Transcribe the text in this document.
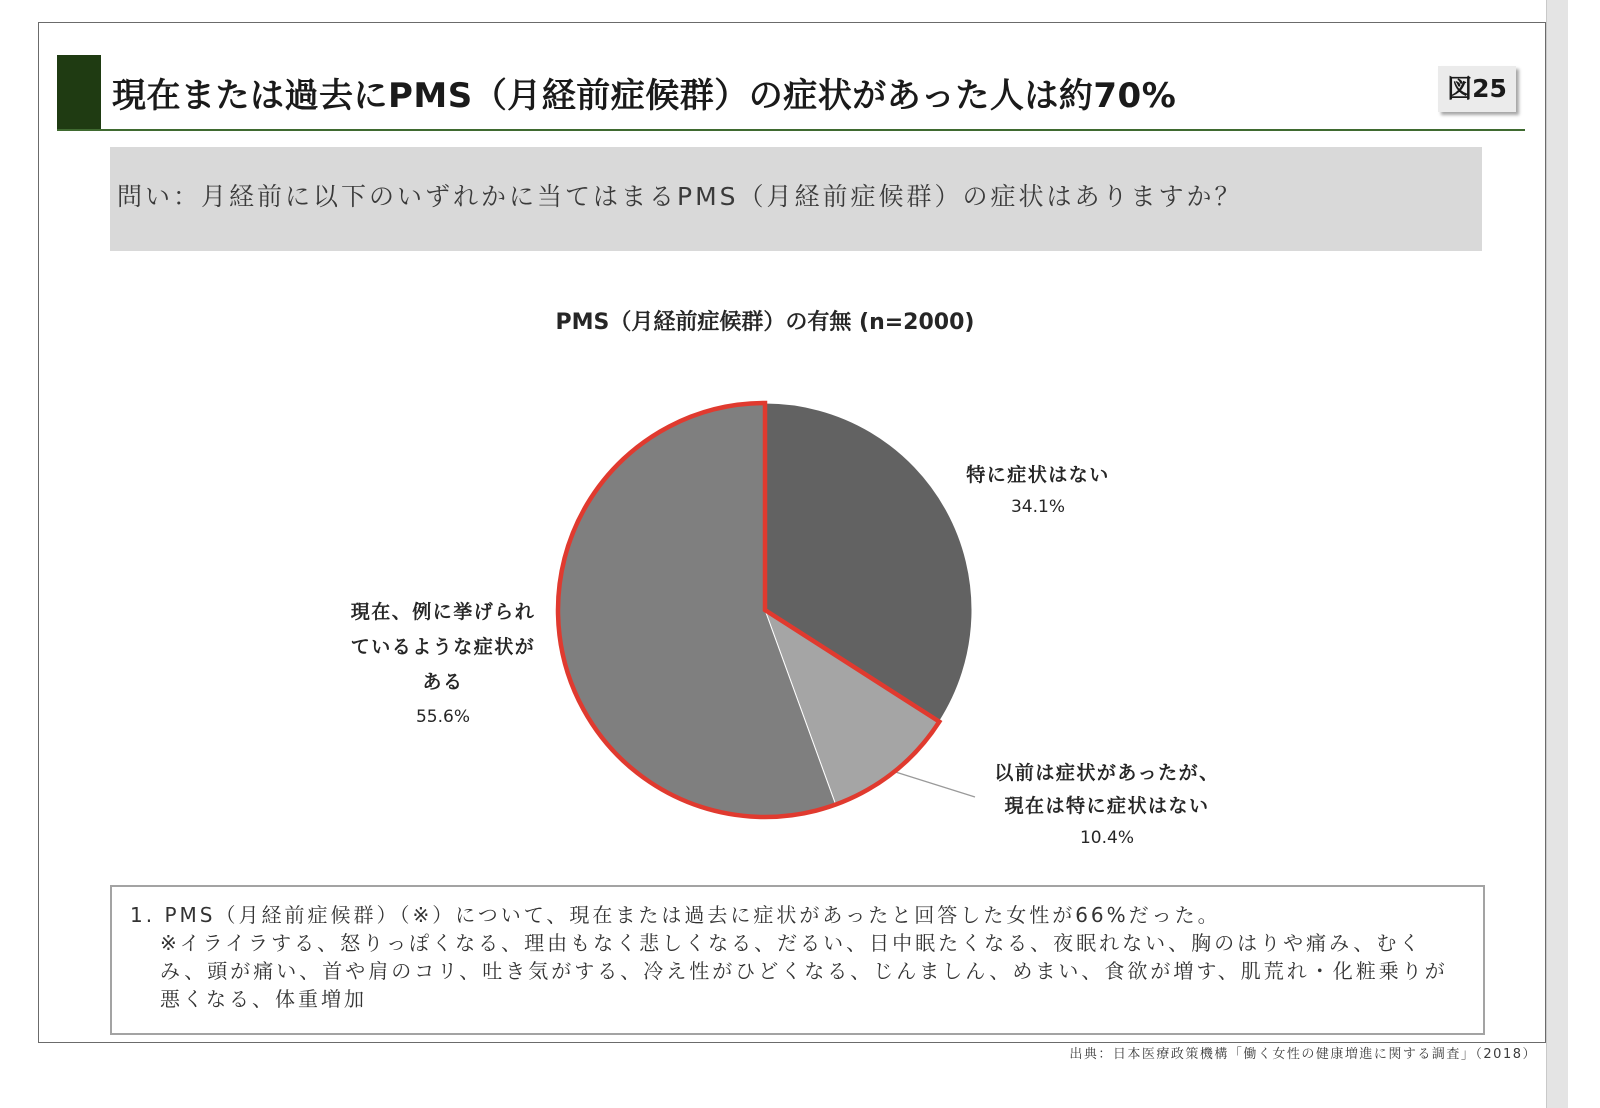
現在または過去にPMS（月経前症候群）の症状があった人は約70%	図25
問い：月経前に以下のいずれかに当てはまるPMS（月経前症候群）の症状はありますか？
PMS（月経前症候群）の有無 (n=2000)
特に症状はない
34.1%
以前は症状があったが、
現在は特に症状はない
10.4%
現在、例に挙げられ
ているような症状が
ある
55.6%
1. PMS（月経前症候群）（※）について、現在または過去に症状があったと回答した女性が66%だった。
※イライラする、怒りっぽくなる、理由もなく悲しくなる、だるい、日中眠たくなる、夜眠れない、胸のはりや痛み、むく
み、頭が痛い、首や肩のコリ、吐き気がする、冷え性がひどくなる、じんましん、めまい、食欲が増す、肌荒れ・化粧乗りが
悪くなる、体重増加
出典：日本医療政策機構「働く女性の健康増進に関する調査」（2018）
